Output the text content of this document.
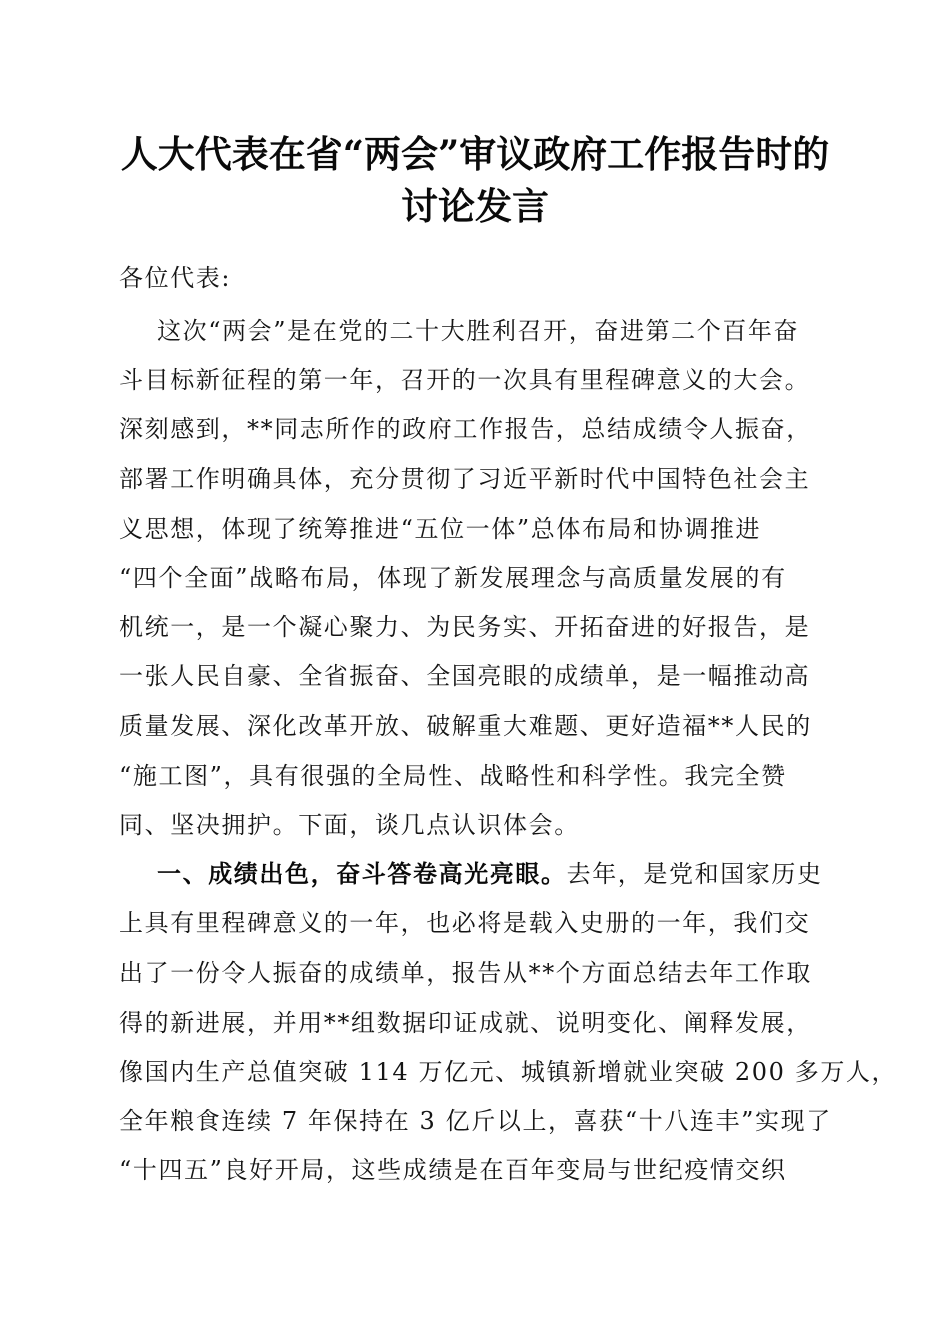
人大代表在省“两会”审议政府工作报告时的
讨论发言
各位代表:
这次“两会”是在党的二十大胜利召开，奋进第二个百年奋
斗目标新征程的第一年，召开的一次具有里程碑意义的大会。
深刻感到，**同志所作的政府工作报告，总结成绩令人振奋，
部署工作明确具体，充分贯彻了习近平新时代中国特色社会主
义思想，体现了统筹推进“五位一体”总体布局和协调推进
“四个全面”战略布局，体现了新发展理念与高质量发展的有
机统一，是一个凝心聚力、为民务实、开拓奋进的好报告，是
一张人民自豪、全省振奋、全国亮眼的成绩单，是一幅推动高
质量发展、深化改革开放、破解重大难题、更好造福**人民的
“施工图”，具有很强的全局性、战略性和科学性。我完全赞
同、坚决拥护。下面，谈几点认识体会。
一、成绩出色，奋斗答卷高光亮眼。去年，是党和国家历史
上具有里程碑意义的一年，也必将是载入史册的一年，我们交
出了一份令人振奋的成绩单，报告从**个方面总结去年工作取
得的新进展，并用**组数据印证成就、说明变化、阐释发展，
像国内生产总值突破 114 万亿元、城镇新增就业突破 200 多万人，
全年粮食连续 7 年保持在 3 亿斤以上，喜获“十八连丰”实现了
“十四五”良好开局，这些成绩是在百年变局与世纪疫情交织
